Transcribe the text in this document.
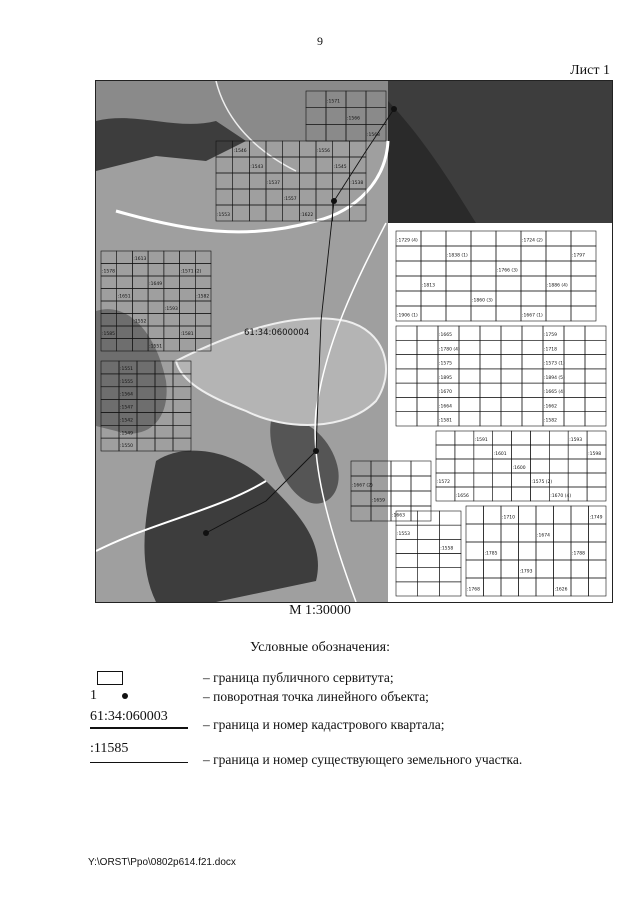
9
Лист 1
:1729 (4)	:1724 (2)
:1838 (1)	:1797
:1766 (3)
:1813	:1886 (4)
:1860 (3)
:1906 (1)	:1667 (1)
:1665	:1759
:1780 (4)	:1718
:1575	:1573 (1)
:1895	:1894 (5)
:1670	:1665 (4)
:1664	:1662
:1581	:1582
:1591	:1593
:1601	:1598
:1600
:1572	:1575 (2)
:1656	:1670 (4)
:1710	:1749
:1674
:1785	:1788
:1793
:1768	:1626
:1613
:1578	:1571 (2)
:1649
:1651	:1582
:1593
:1552
:1585	:1581
:1551
:1551
:1555
:1564
:1547
:1542
:1549
:1550
:1546	:1556
:1543	:1545
:1537	:1538
:1557
:1553	:1622
:1571
:1566
:1568
:1667 (2)
:1659
:1663
:1553
:1558
61:34:0600004
М 1:30000
Условные обозначения:
– граница публичного сервитута;
1	– поворотная точка линейного объекта;
61:34:060003
– граница и номер кадастрового квартала;
:11585
– граница и номер существующего земельного участка.
Y:\ORST\Ppo\0802p614.f21.docx
